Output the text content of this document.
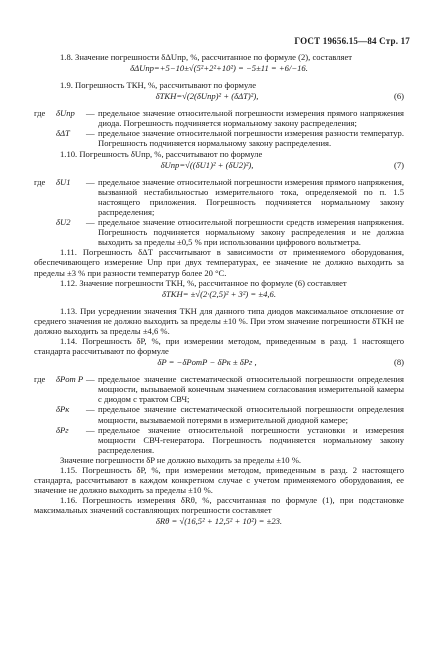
ГОСТ 19656.15—84 Стр. 17

1.8. Значение погрешности δΔUпр, %, рассчитанное по формуле (2), составляет

δΔUпр=+5−10±√(5²+2²+10²) = −5±11 = +6/−16.

1.9. Погрешность ТКН, %, рассчитывают по формуле

δТКН=√(2(δUпр)² + (δΔТ)²),	(6)
где	δUпр	— предельное значение относительной погрешности измерения прямого напряжения диода. Погрешность подчиняется нормальному закону распределения;
δΔТ	— предельное значение относительной погрешности измерения разности температур. Погрешность подчиняется нормальному закону распределения.

1.10. Погрешность δUпр, %, рассчитывают по формуле

δUпр=√((δU1)² + (δU2)²),	(7)
где	δU1	— предельное значение относительной погрешности измерения прямого напряжения, вызванной нестабильностью измерительного тока, определяемой по п. 1.5 настоящего приложения. Погрешность подчиняется нормальному закону распределения;
δU2	— предельное значение относительной погрешности средств измерения напряжения. Погрешность подчиняется нормальному закону распределения и не должна выходить за пределы ±0,5 % при использовании цифрового вольтметра.

1.11. Погрешность δΔТ рассчитывают в зависимости от применяемого оборудования, обеспечивающего измерение Uпр при двух температурах, ее значение не должно выходить за пределы ±3 % при разности температур более 20 °С.

1.12. Значение погрешности ТКН, %, рассчитанное по формуле (6) составляет

δТКН= ±√(2·(2,5)² + 3²) = ±4,6.

1.13. При усреднении значения ТКН для данного типа диодов максимальное отклонение от среднего значения не должно выходить за пределы ±10 %. При этом значение погрешности δТКН не должно выходить за пределы ±4,6 %.

1.14. Погрешность δP, %, при измерении методом, приведенным в разд. 1 настоящего стандарта рассчитывают по формуле

δP = −δPотР − δPк ± δPг ,	(8)
где	δPот Р — предельное значение систематической относительной погрешности определения мощности, вызываемой конечным значением согласования измерительной камеры с диодом с трактом СВЧ;
δPк	— предельное значение систематической относительной погрешности определения мощности, вызываемой потерями в измерительной диодной камере;
δPг	— предельное значение относительной погрешности установки и измерения мощности СВЧ-генератора. Погрешность подчиняется нормальному закону распределения.

Значение погрешности δP не должно выходить за пределы ±10 %.

1.15. Погрешность δР, %, при измерении методом, приведенным в разд. 2 настоящего стандарта, рассчитывают в каждом конкретном случае с учетом применяемого оборудования, ее значение не должно выходить за пределы ±10 %.

1.16. Погрешность измерения δRθ, %, рассчитанная по формуле (1), при подстановке максимальных значений составляющих погрешности составляет

δRθ = √(16,5² + 12,5² + 10²) = ±23.
